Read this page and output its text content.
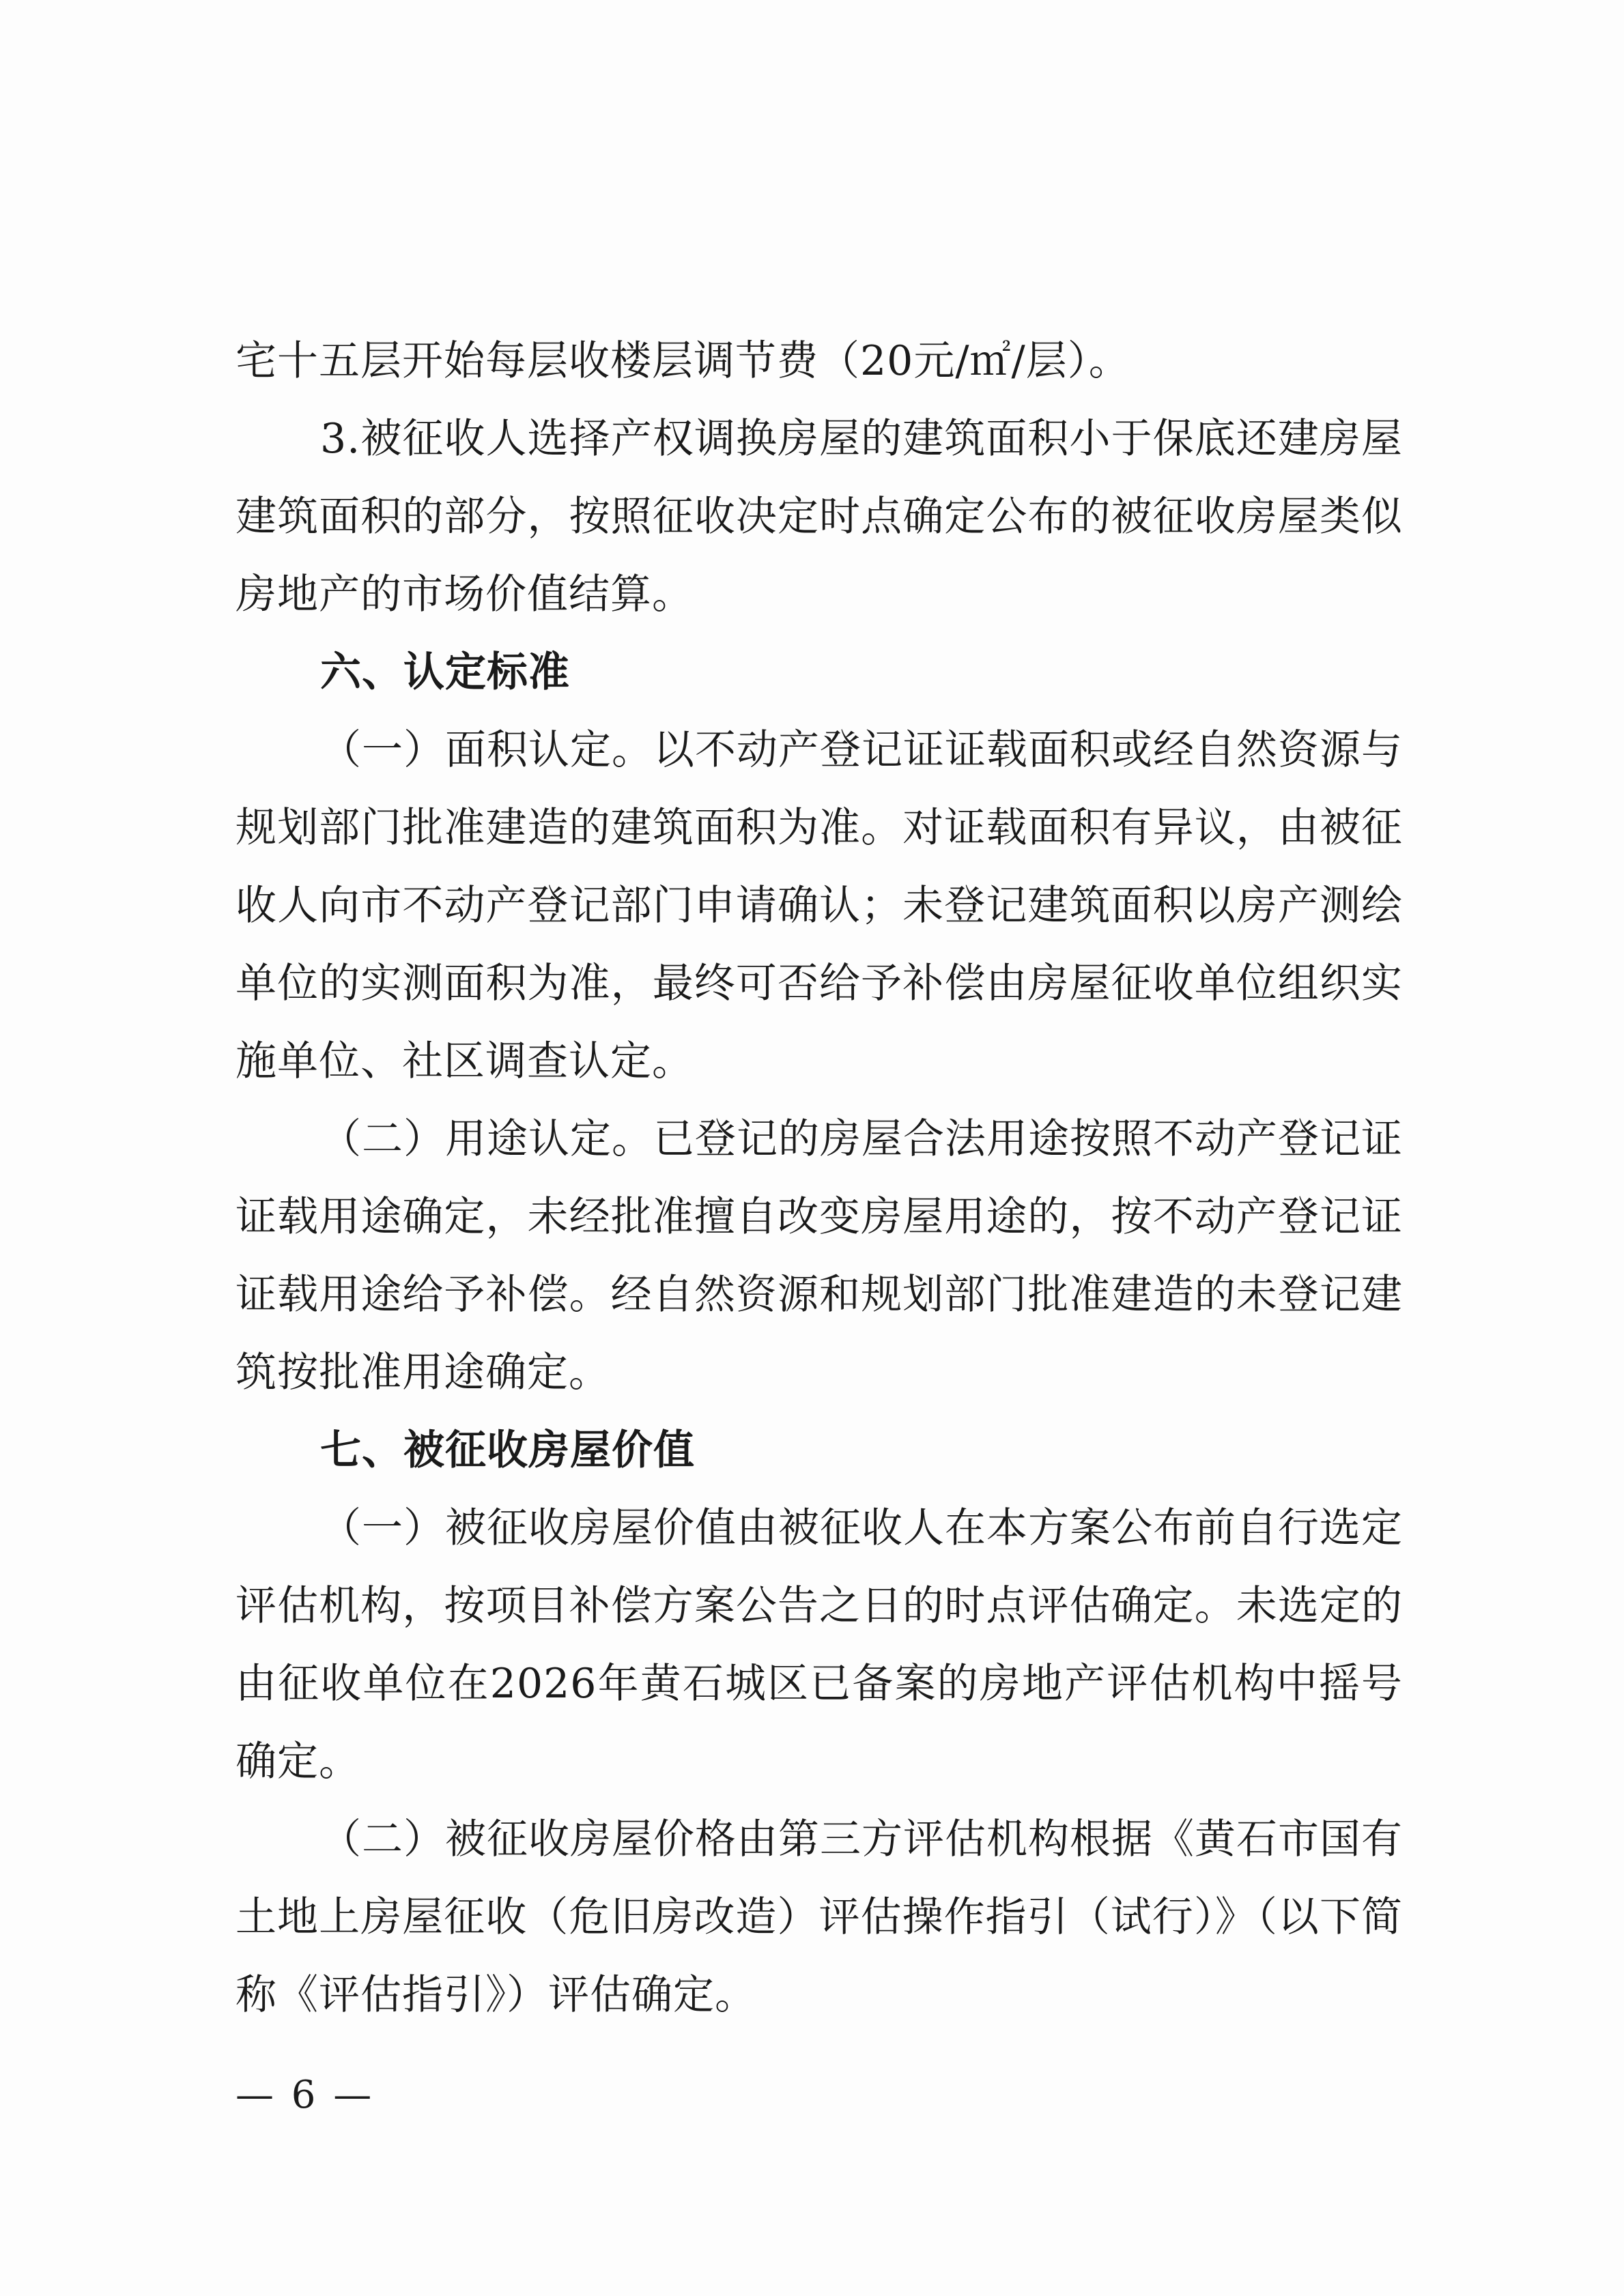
宅十五层开始每层收楼层调节费（20元/㎡/层）。

3.被征收人选择产权调换房屋的建筑面积小于保底还建房屋建筑面积的部分，按照征收决定时点确定公布的被征收房屋类似房地产的市场价值结算。

六、认定标准

（一）面积认定。以不动产登记证证载面积或经自然资源与规划部门批准建造的建筑面积为准。对证载面积有异议，由被征收人向市不动产登记部门申请确认；未登记建筑面积以房产测绘单位的实测面积为准，最终可否给予补偿由房屋征收单位组织实施单位、社区调查认定。

（二）用途认定。已登记的房屋合法用途按照不动产登记证证载用途确定，未经批准擅自改变房屋用途的，按不动产登记证证载用途给予补偿。经自然资源和规划部门批准建造的未登记建筑按批准用途确定。

七、被征收房屋价值

（一）被征收房屋价值由被征收人在本方案公布前自行选定评估机构，按项目补偿方案公告之日的时点评估确定。未选定的由征收单位在2026年黄石城区已备案的房地产评估机构中摇号确定。

（二）被征收房屋价格由第三方评估机构根据《黄石市国有土地上房屋征收（危旧房改造）评估操作指引（试行）》（以下简称《评估指引》）评估确定。

— 6 —
